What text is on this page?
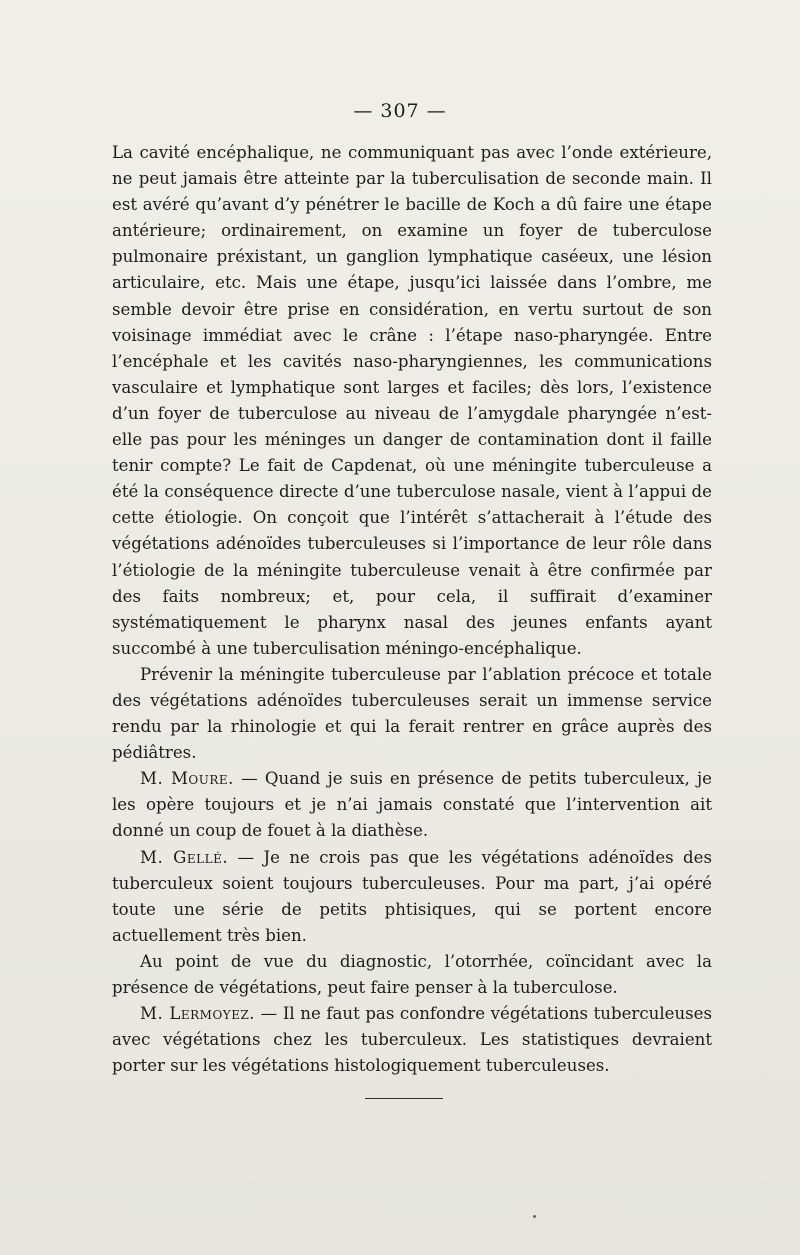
— 307 —

La cavité encéphalique, ne communiquant pas avec l’onde extérieure, ne peut jamais être atteinte par la tuberculisation de seconde main. Il est avéré qu’avant d’y pénétrer le bacille de Koch a dû faire une étape antérieure; ordinairement, on examine un foyer de tuberculose pulmonaire préxistant, un ganglion lymphatique caséeux, une lésion articulaire, etc. Mais une étape, jusqu’ici laissée dans l’ombre, me semble devoir être prise en considération, en vertu surtout de son voisinage immédiat avec le crâne : l’étape naso-pharyngée. Entre l’encéphale et les cavités naso-pharyngiennes, les communications vasculaire et lymphatique sont larges et faciles; dès lors, l’existence d’un foyer de tuberculose au niveau de l’amygdale pharyngée n’est-elle pas pour les méninges un danger de contamination dont il faille tenir compte? Le fait de Capdenat, où une méningite tuberculeuse a été la conséquence directe d’une tuberculose nasale, vient à l’appui de cette étiologie. On conçoit que l’intérêt s’attacherait à l’étude des végétations adénoïdes tuberculeuses si l’importance de leur rôle dans l’étiologie de la méningite tuberculeuse venait à être confirmée par des faits nombreux; et, pour cela, il suffirait d’examiner systématiquement le pharynx nasal des jeunes enfants ayant succombé à une tuberculisation méningo-encéphalique.

Prévenir la méningite tuberculeuse par l’ablation précoce et totale des végétations adénoïdes tuberculeuses serait un immense service rendu par la rhinologie et qui la ferait rentrer en grâce auprès des pédiâtres.

M. Moure. — Quand je suis en présence de petits tuberculeux, je les opère toujours et je n’ai jamais constaté que l’intervention ait donné un coup de fouet à la diathèse.

M. Gellé. — Je ne crois pas que les végétations adénoïdes des tuberculeux soient toujours tuberculeuses. Pour ma part, j’ai opéré toute une série de petits phtisiques, qui se portent encore actuellement très bien.

Au point de vue du diagnostic, l’otorrhée, coïncidant avec la présence de végétations, peut faire penser à la tuberculose.

M. Lermoyez. — Il ne faut pas confondre végétations tuberculeuses avec végétations chez les tuberculeux. Les statistiques devraient porter sur les végétations histologiquement tuberculeuses.
